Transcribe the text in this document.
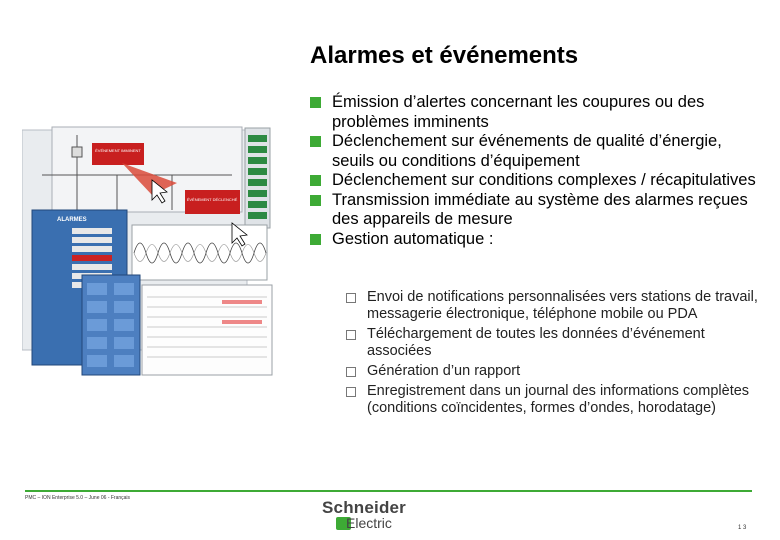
Alarmes et événements
ÉVÉNEMENT IMMINENT
ÉVÉNEMENT DÉCLENCHÉ
ALARMES
Émission d’alertes concernant les coupures ou des problèmes imminents
Déclenchement sur événements de qualité d’énergie, seuils ou conditions d’équipement
Déclenchement sur conditions complexes / récapitulatives
Transmission immédiate au système des alarmes reçues des appareils de mesure
Gestion automatique :
Envoi de notifications personnalisées vers stations de travail, messagerie électronique, téléphone mobile ou PDA
Téléchargement de toutes les données d’événement associées
Génération d’un rapport
Enregistrement dans un journal des informations complètes (conditions coïncidentes, formes d’ondes, horodatage)
PMC – ION Enterprise 5.0 – June 06 - Français	Schneider
Electric	1 3
